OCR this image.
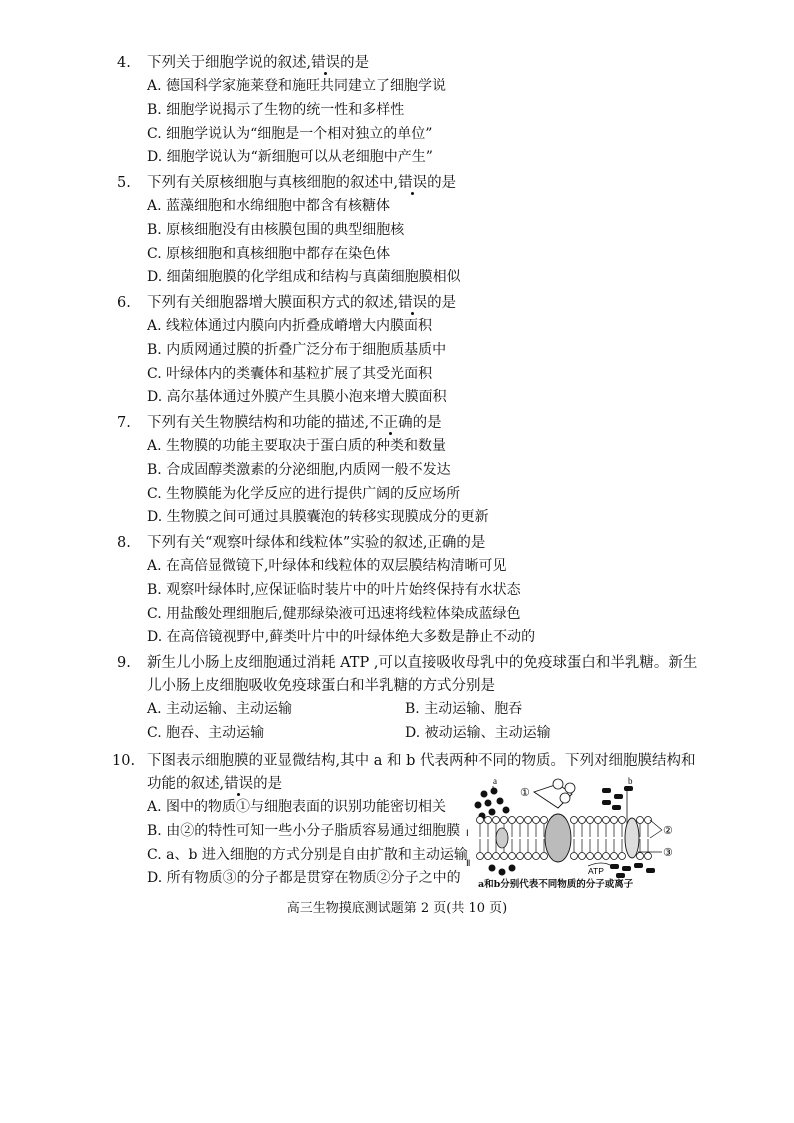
4. 下列关于细胞学说的叙述,错误的是
A. 德国科学家施莱登和施旺共同建立了细胞学说
B. 细胞学说揭示了生物的统一性和多样性
C. 细胞学说认为“细胞是一个相对独立的单位”
D. 细胞学说认为“新细胞可以从老细胞中产生”
5. 下列有关原核细胞与真核细胞的叙述中,错误的是
A. 蓝藻细胞和水绵细胞中都含有核糖体
B. 原核细胞没有由核膜包围的典型细胞核
C. 原核细胞和真核细胞中都存在染色体
D. 细菌细胞膜的化学组成和结构与真菌细胞膜相似
6. 下列有关细胞器增大膜面积方式的叙述,错误的是
A. 线粒体通过内膜向内折叠成嵴增大内膜面积
B. 内质网通过膜的折叠广泛分布于细胞质基质中
C. 叶绿体内的类囊体和基粒扩展了其受光面积
D. 高尔基体通过外膜产生具膜小泡来增大膜面积
7. 下列有关生物膜结构和功能的描述,不正确的是
A. 生物膜的功能主要取决于蛋白质的种类和数量
B. 合成固醇类激素的分泌细胞,内质网一般不发达
C. 生物膜能为化学反应的进行提供广阔的反应场所
D. 生物膜之间可通过具膜囊泡的转移实现膜成分的更新
8. 下列有关“观察叶绿体和线粒体”实验的叙述,正确的是
A. 在高倍显微镜下,叶绿体和线粒体的双层膜结构清晰可见
B. 观察叶绿体时,应保证临时装片中的叶片始终保持有水状态
C. 用盐酸处理细胞后,健那绿染液可迅速将线粒体染成蓝绿色
D. 在高倍镜视野中,藓类叶片中的叶绿体绝大多数是静止不动的
9. 新生儿小肠上皮细胞通过消耗 ATP ,可以直接吸收母乳中的免疫球蛋白和半乳糖。新生
儿小肠上皮细胞吸收免疫球蛋白和半乳糖的方式分别是
A. 主动运输、主动运输	B. 主动运输、胞吞
C. 胞吞、主动运输	D. 被动运输、主动运输
10. 下图表示细胞膜的亚显微结构,其中 a 和 b 代表两种不同的物质。下列对细胞膜结构和
功能的叙述,错误的是
A. 图中的物质①与细胞表面的识别功能密切相关
B. 由②的特性可知一些小分子脂质容易通过细胞膜
C. a、b 进入细胞的方式分别是自由扩散和主动运输
D. 所有物质③的分子都是贯穿在物质②分子之中的
a
①
b
Ⅰ
Ⅱ
②
③
ATP
a和b分别代表不同物质的分子或离子
高三生物摸底测试题第 2 页(共 10 页)
